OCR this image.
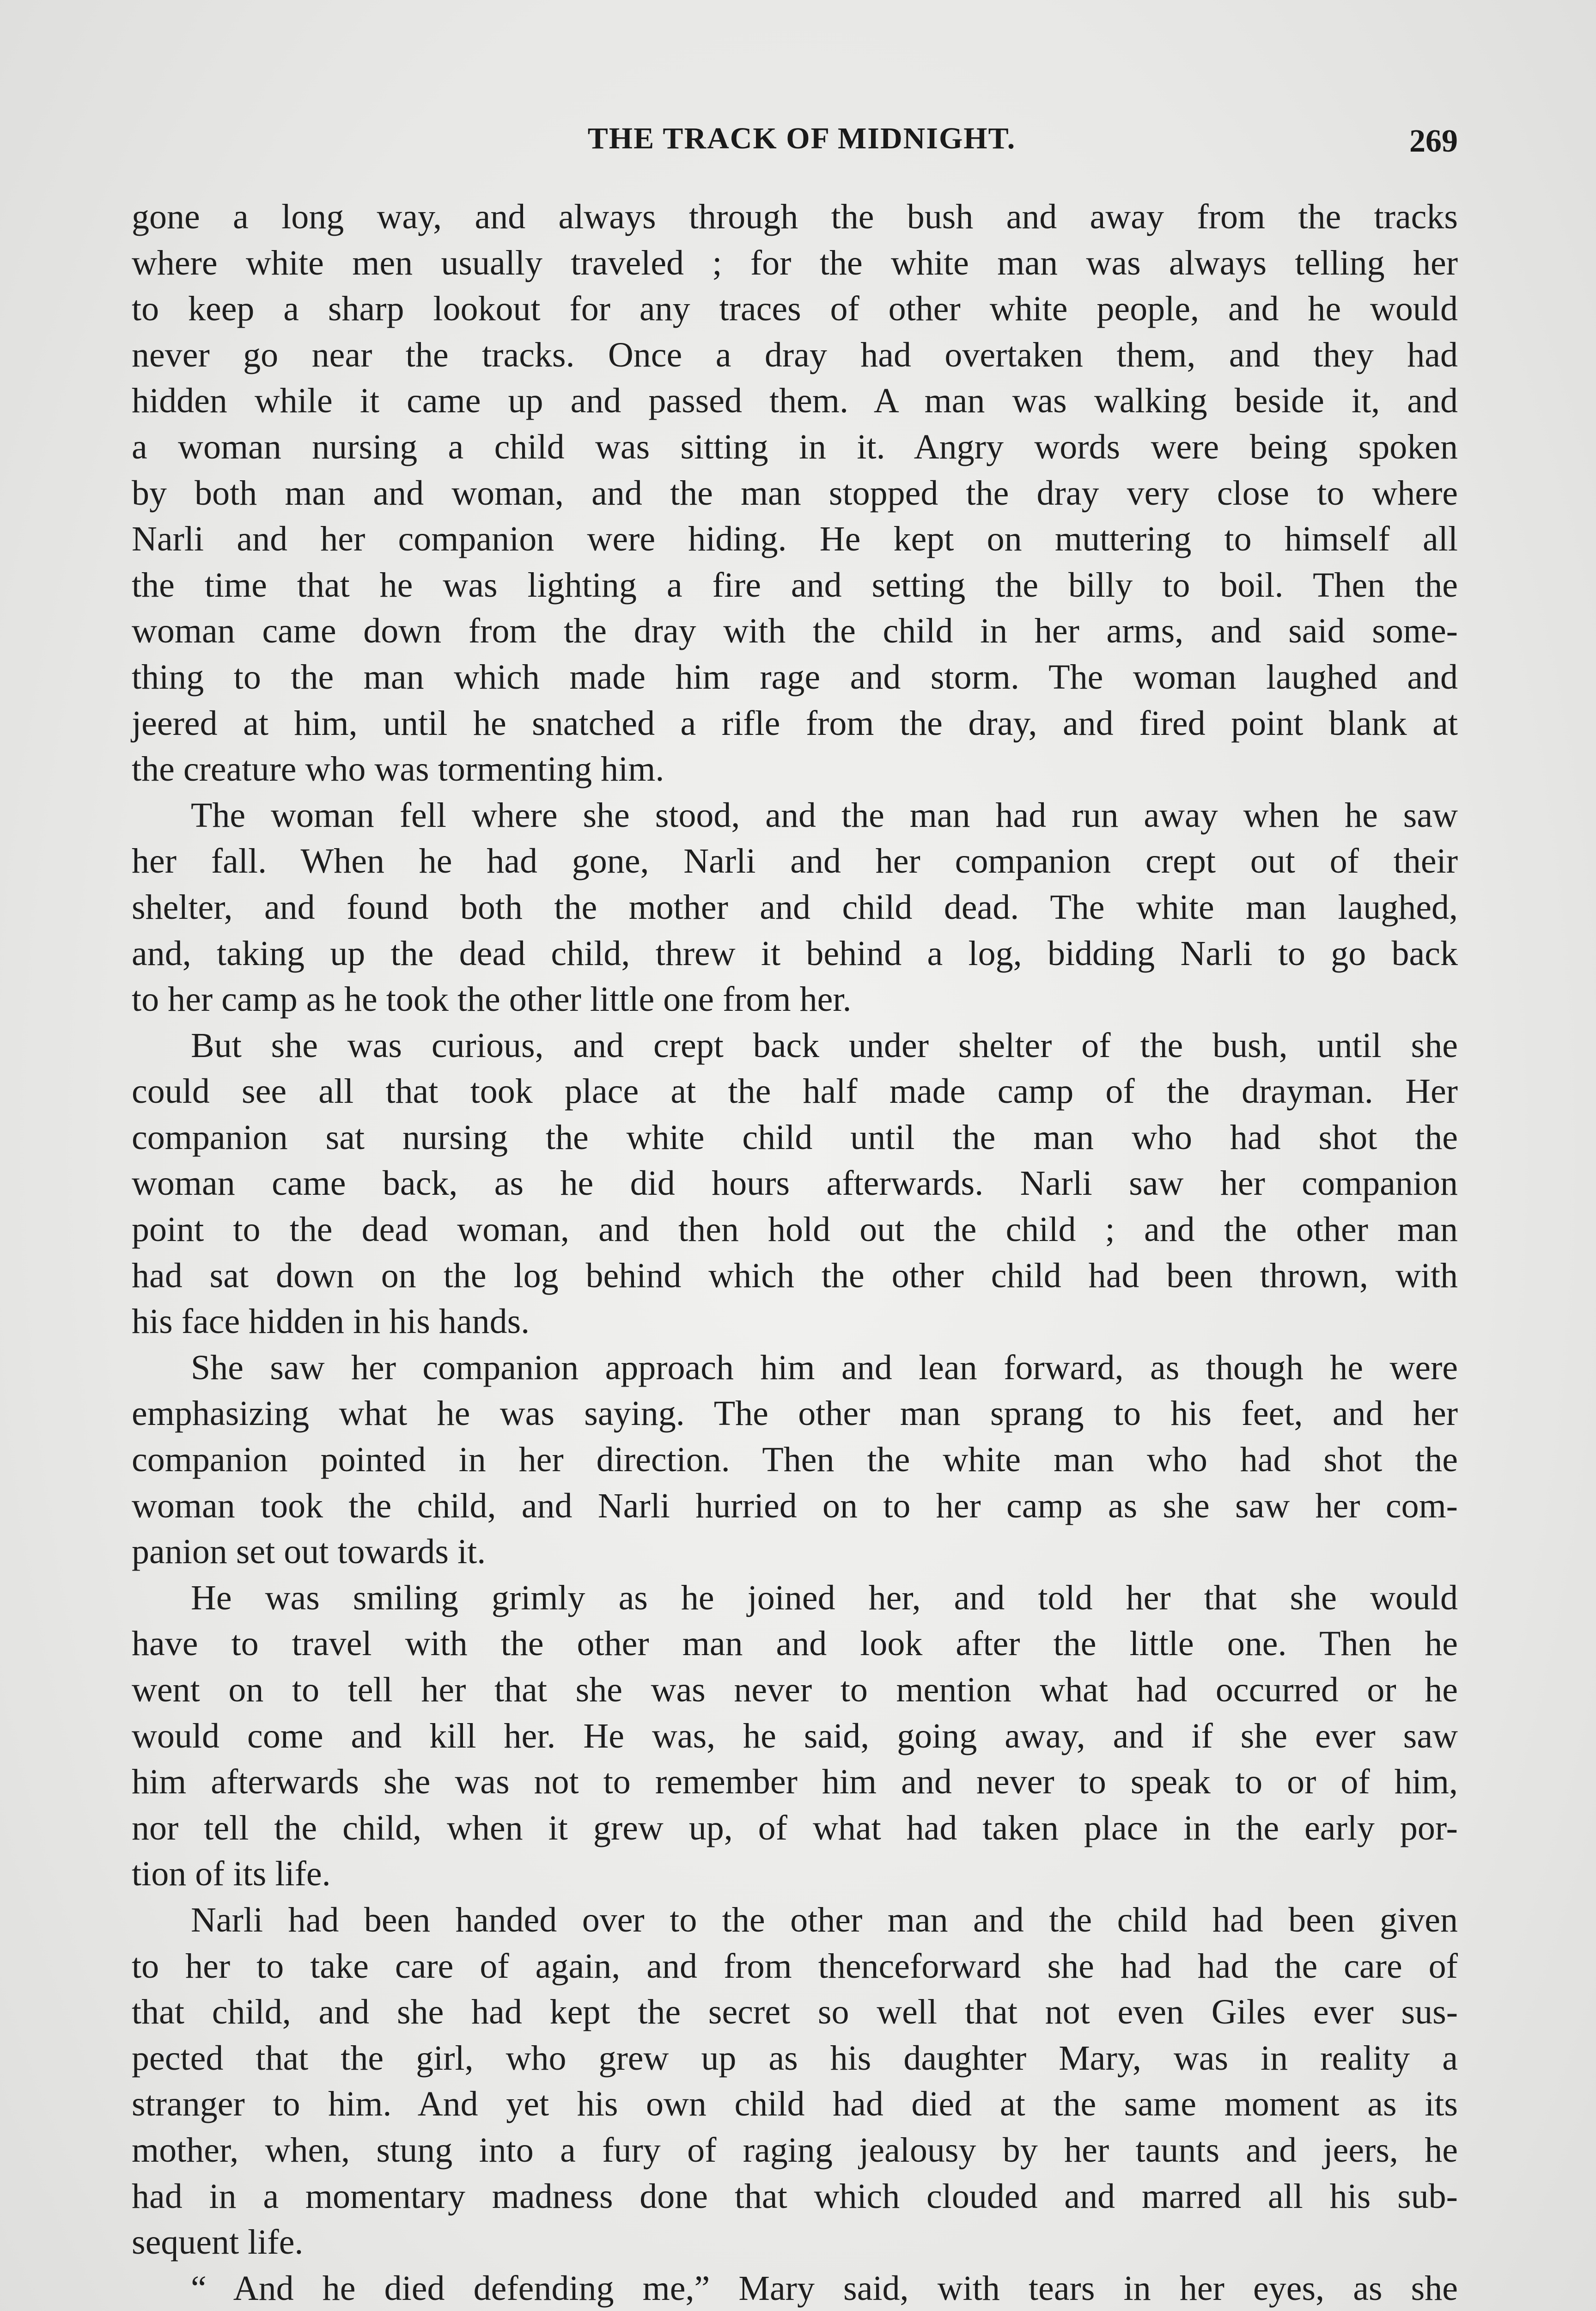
THE TRACK OF MIDNIGHT.	269
gone a long way, and always through the bush and away from the tracks
where white men usually traveled ; for the white man was always telling her
to keep a sharp lookout for any traces of other white people, and he would
never go near the tracks. Once a dray had overtaken them, and they had
hidden while it came up and passed them. A man was walking beside it, and
a woman nursing a child was sitting in it. Angry words were being spoken
by both man and woman, and the man stopped the dray very close to where
Narli and her companion were hiding. He kept on muttering to himself all
the time that he was lighting a fire and setting the billy to boil. Then the
woman came down from the dray with the child in her arms, and said some-
thing to the man which made him rage and storm. The woman laughed and
jeered at him, until he snatched a rifle from the dray, and fired point blank at
the creature who was tormenting him.
The woman fell where she stood, and the man had run away when he saw
her fall. When he had gone, Narli and her companion crept out of their
shelter, and found both the mother and child dead. The white man laughed,
and, taking up the dead child, threw it behind a log, bidding Narli to go back
to her camp as he took the other little one from her.
But she was curious, and crept back under shelter of the bush, until she
could see all that took place at the half made camp of the drayman. Her
companion sat nursing the white child until the man who had shot the
woman came back, as he did hours afterwards. Narli saw her companion
point to the dead woman, and then hold out the child ; and the other man
had sat down on the log behind which the other child had been thrown, with
his face hidden in his hands.
She saw her companion approach him and lean forward, as though he were
emphasizing what he was saying. The other man sprang to his feet, and her
companion pointed in her direction. Then the white man who had shot the
woman took the child, and Narli hurried on to her camp as she saw her com-
panion set out towards it.
He was smiling grimly as he joined her, and told her that she would
have to travel with the other man and look after the little one. Then he
went on to tell her that she was never to mention what had occurred or he
would come and kill her. He was, he said, going away, and if she ever saw
him afterwards she was not to remember him and never to speak to or of him,
nor tell the child, when it grew up, of what had taken place in the early por-
tion of its life.
Narli had been handed over to the other man and the child had been given
to her to take care of again, and from thenceforward she had had the care of
that child, and she had kept the secret so well that not even Giles ever sus-
pected that the girl, who grew up as his daughter Mary, was in reality a
stranger to him. And yet his own child had died at the same moment as its
mother, when, stung into a fury of raging jealousy by her taunts and jeers, he
had in a momentary madness done that which clouded and marred all his sub-
sequent life.
“ And he died defending me,” Mary said, with tears in her eyes, as she
